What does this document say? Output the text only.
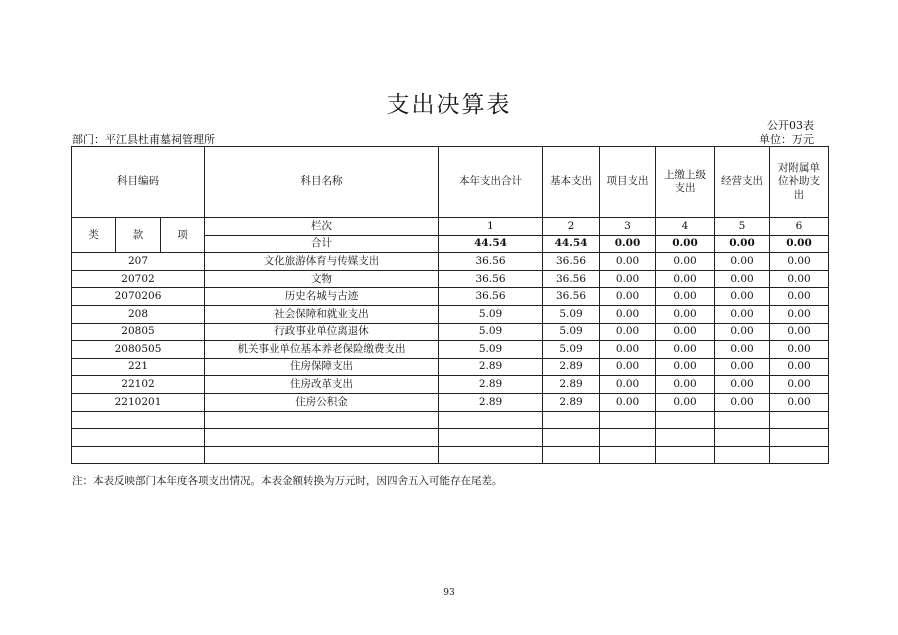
支出决算表
公开03表
部门：平江县杜甫墓祠管理所	单位：万元
科目编码			科目名称	本年支出合计	基本支出	项目支出	上缴上级支出	经营支出	对附属单位补助支出
类	款	项	栏次	1	2	3	4	5	6
			合计	44.54	44.54	0.00	0.00	0.00	0.00
207			文化旅游体育与传媒支出	36.56	36.56	0.00	0.00	0.00	0.00
20702			文物	36.56	36.56	0.00	0.00	0.00	0.00
2070206			历史名城与古迹	36.56	36.56	0.00	0.00	0.00	0.00
208			社会保障和就业支出	5.09	5.09	0.00	0.00	0.00	0.00
20805			行政事业单位离退休	5.09	5.09	0.00	0.00	0.00	0.00
2080505			机关事业单位基本养老保险缴费支出	5.09	5.09	0.00	0.00	0.00	0.00
221			住房保障支出	2.89	2.89	0.00	0.00	0.00	0.00
22102			住房改革支出	2.89	2.89	0.00	0.00	0.00	0.00
2210201			住房公积金	2.89	2.89	0.00	0.00	0.00	0.00

注：本表反映部门本年度各项支出情况。本表金额转换为万元时，因四舍五入可能存在尾差。
93
